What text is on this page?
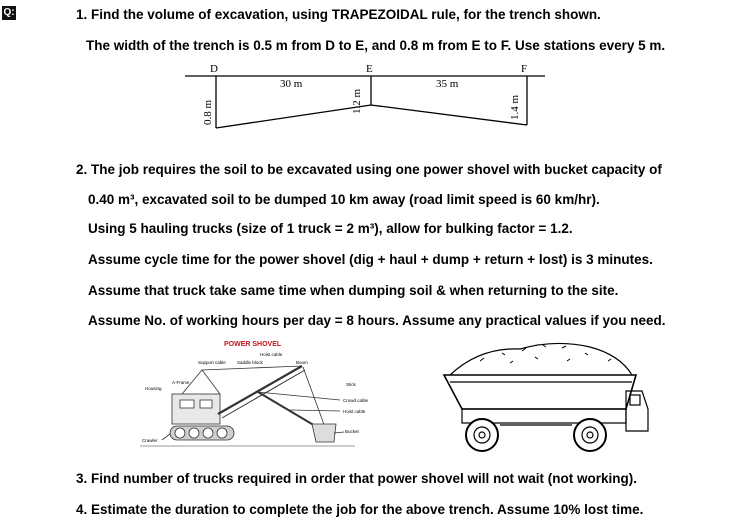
Q:	1. Find the volume of excavation, using TRAPEZOIDAL rule, for the trench shown.
The width of the trench is 0.5 m from D to E, and 0.8 m from E to F. Use stations every 5 m.
D	E	F
30 m	35 m
0.8 m	1.2 m	1.4 m
2. The job requires the soil to be excavated using one power shovel with bucket capacity of
0.40 m³, excavated soil to be dumped 10 km away (road limit speed is 60 km/hr).
Using 5 hauling trucks (size of 1 truck = 2 m³), allow for bulking factor = 1.2.
Assume cycle time for the power shovel (dig + haul + dump + return + lost) is 3 minutes.
Assume that truck take same time when dumping soil & when returning to the site.
Assume No. of working hours per day = 8 hours. Assume any practical values if you need.
POWER SHOVEL
Hoist cable
Support cable Saddle block	Boom
A-Frame
Housing
Stick
Crowd cable
Hoist cable
Bucket
Crawler
3. Find number of trucks required in order that power shovel will not wait (not working).
4. Estimate the duration to complete the job for the above trench. Assume 10% lost time.
